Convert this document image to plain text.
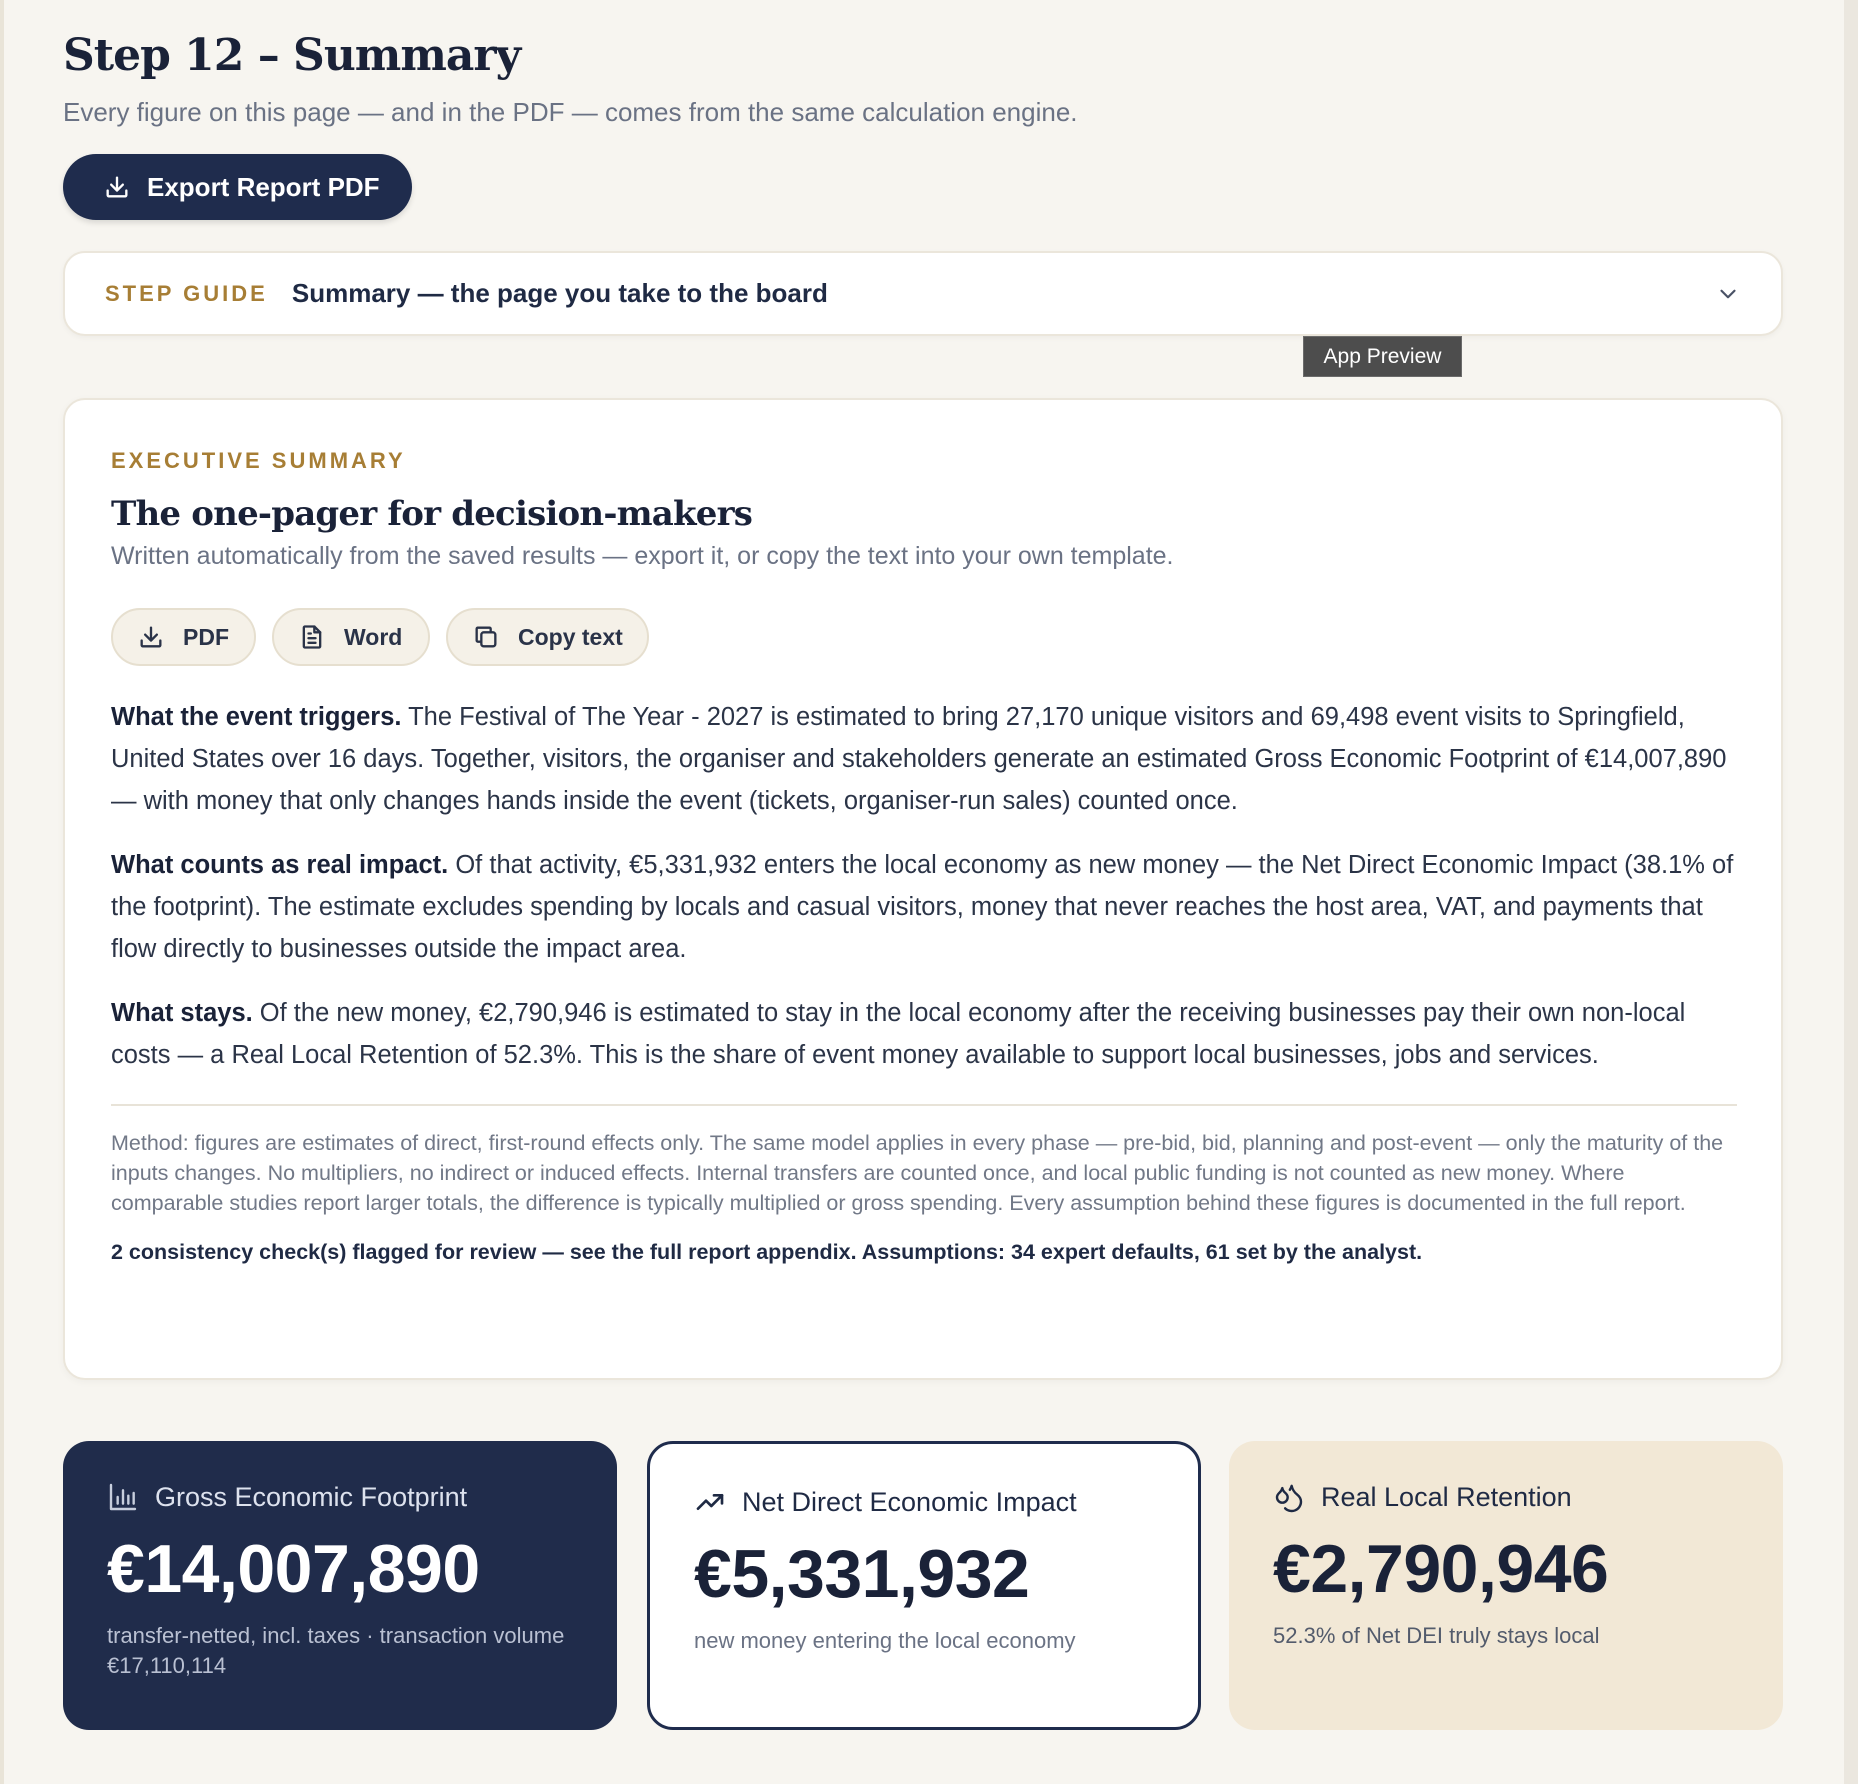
Step 12 – Summary

Every figure on this page — and in the PDF — comes from the same calculation engine.

Export Report PDF
STEP GUIDE Summary — the page you take to the board
App Preview
EXECUTIVE SUMMARY
The one-pager for decision-makers

Written automatically from the saved results — export it, or copy the text into your own template.

PDF	Word	Copy text

What the event triggers. The Festival of The Year - 2027 is estimated to bring 27,170 unique visitors and 69,498 event visits to Springfield, United States over 16 days. Together, visitors, the organiser and stakeholders generate an estimated Gross Economic Footprint of €14,007,890 — with money that only changes hands inside the event (tickets, organiser-run sales) counted once.

What counts as real impact. Of that activity, €5,331,932 enters the local economy as new money — the Net Direct Economic Impact (38.1% of the footprint). The estimate excludes spending by locals and casual visitors, money that never reaches the host area, VAT, and payments that flow directly to businesses outside the impact area.

What stays. Of the new money, €2,790,946 is estimated to stay in the local economy after the receiving businesses pay their own non-local costs — a Real Local Retention of 52.3%. This is the share of event money available to support local businesses, jobs and services.

Method: figures are estimates of direct, first-round effects only. The same model applies in every phase — pre-bid, bid, planning and post-event — only the maturity of the inputs changes. No multipliers, no indirect or induced effects. Internal transfers are counted once, and local public funding is not counted as new money. Where comparable studies report larger totals, the difference is typically multiplied or gross spending. Every assumption behind these figures is documented in the full report.

2 consistency check(s) flagged for review — see the full report appendix. Assumptions: 34 expert defaults, 61 set by the analyst.

Gross Economic Footprint
€14,007,890
transfer-netted, incl. taxes · transaction volume €17,110,114
Net Direct Economic Impact
€5,331,932
new money entering the local economy
Real Local Retention
€2,790,946
52.3% of Net DEI truly stays local
